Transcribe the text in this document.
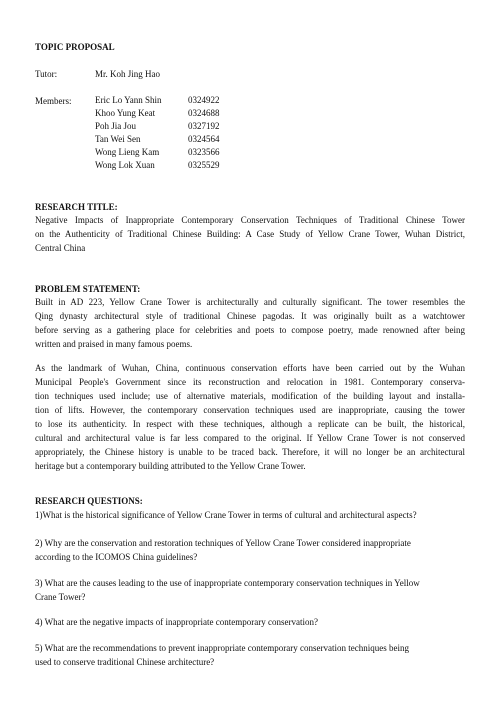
TOPIC PROPOSAL
Tutor:	Mr. Koh Jing Hao
Members:	Eric Lo Yann Shin	0324922
Khoo Yung Keat	0324688
Poh Jia Jou	0327192
Tan Wei Sen	0324564
Wong Lieng Kam	0323566
Wong Lok Xuan	0325529
RESEARCH TITLE:
Negative Impacts of Inappropriate Contemporary Conservation Techniques of Traditional Chinese Tower
on the Authenticity of Traditional Chinese Building: A Case Study of Yellow Crane Tower, Wuhan District,
Central China
PROBLEM STATEMENT:
Built in AD 223, Yellow Crane Tower is architecturally and culturally significant. The tower resembles the
Qing dynasty architectural style of traditional Chinese pagodas. It was originally built as a watchtower
before serving as a gathering place for celebrities and poets to compose poetry, made renowned after being
written and praised in many famous poems.
As the landmark of Wuhan, China, continuous conservation efforts have been carried out by the Wuhan
Municipal People's Government since its reconstruction and relocation in 1981. Contemporary conserva-
tion techniques used include; use of alternative materials, modification of the building layout and installa-
tion of lifts. However, the contemporary conservation techniques used are inappropriate, causing the tower
to lose its authenticity. In respect with these techniques, although a replicate can be built, the historical,
cultural and architectural value is far less compared to the original. If Yellow Crane Tower is not conserved
appropriately, the Chinese history is unable to be traced back. Therefore, it will no longer be an architectural
heritage but a contemporary building attributed to the Yellow Crane Tower.
RESEARCH QUESTIONS:
1)What is the historical significance of Yellow Crane Tower in terms of cultural and architectural aspects?
2) Why are the conservation and restoration techniques of Yellow Crane Tower considered inappropriate
according to the ICOMOS China guidelines?
3) What are the causes leading to the use of inappropriate contemporary conservation techniques in Yellow
Crane Tower?
4) What are the negative impacts of inappropriate contemporary conservation?
5) What are the recommendations to prevent inappropriate contemporary conservation techniques being
used to conserve traditional Chinese architecture?
